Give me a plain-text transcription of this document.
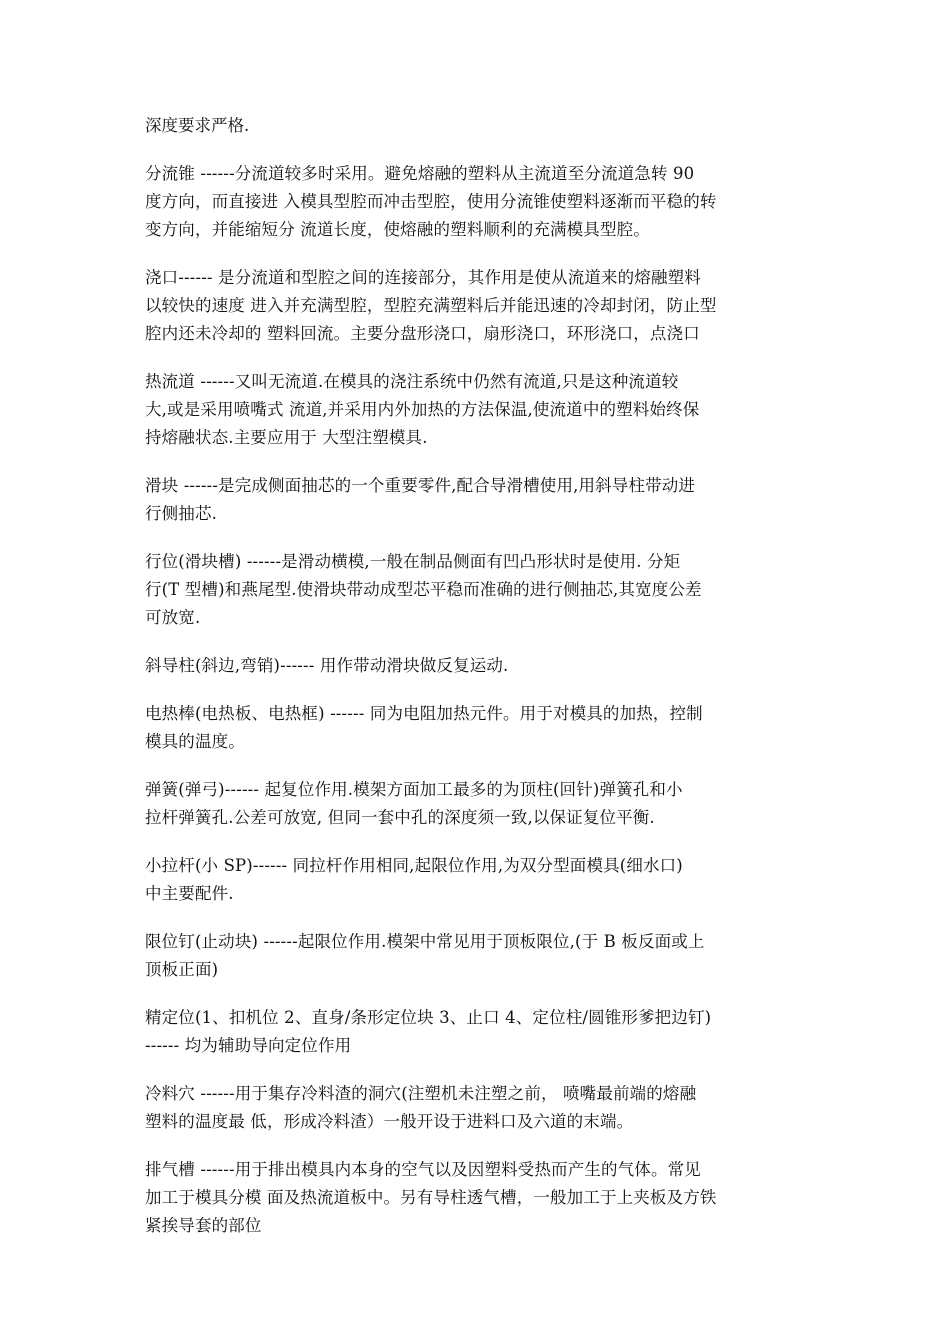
深度要求严格.

分流锥 ------分流道较多时采用。避免熔融的塑料从主流道至分流道急转 90
度方向，而直接进 入模具型腔而冲击型腔，使用分流锥使塑料逐渐而平稳的转
变方向，并能缩短分 流道长度，使熔融的塑料顺利的充满模具型腔。
浇口------ 是分流道和型腔之间的连接部分，其作用是使从流道来的熔融塑料
以较快的速度 进入并充满型腔，型腔充满塑料后并能迅速的冷却封闭，防止型
腔内还未冷却的 塑料回流。主要分盘形浇口，扇形浇口，环形浇口，点浇口
热流道 ------又叫无流道.在模具的浇注系统中仍然有流道,只是这种流道较
大,或是采用喷嘴式 流道,并采用内外加热的方法保温,使流道中的塑料始终保
持熔融状态.主要应用于 大型注塑模具.
滑块 ------是完成侧面抽芯的一个重要零件,配合导滑槽使用,用斜导柱带动进
行侧抽芯.
行位(滑块槽) ------是滑动横模,一般在制品侧面有凹凸形状时是使用. 分矩
行(T 型槽)和燕尾型.使滑块带动成型芯平稳而准确的进行侧抽芯,其宽度公差
可放宽.
斜导柱(斜边,弯销)------ 用作带动滑块做反复运动.
电热棒(电热板、电热框) ------ 同为电阻加热元件。用于对模具的加热，控制
模具的温度。
弹簧(弹弓)------ 起复位作用.模架方面加工最多的为顶柱(回针)弹簧孔和小
拉杆弹簧孔.公差可放宽, 但同一套中孔的深度须一致,以保证复位平衡.
小拉杆(小 SP)------ 同拉杆作用相同,起限位作用,为双分型面模具(细水口)
中主要配件.
限位钉(止动块) ------起限位作用.模架中常见用于顶板限位,(于 B 板反面或上
顶板正面)
精定位(1、扣机位 2、直身/条形定位块 3、止口 4、定位柱/圆锥形爹把边钉)
------ 均为辅助导向定位作用
冷料穴 ------用于集存冷料渣的洞穴(注塑机未注塑之前， 喷嘴最前端的熔融
塑料的温度最 低，形成冷料渣）一般开设于进料口及六道的末端。
排气槽 ------用于排出模具内本身的空气以及因塑料受热而产生的气体。常见
加工于模具分模 面及热流道板中。另有导柱透气槽，一般加工于上夹板及方铁
紧挨导套的部位
